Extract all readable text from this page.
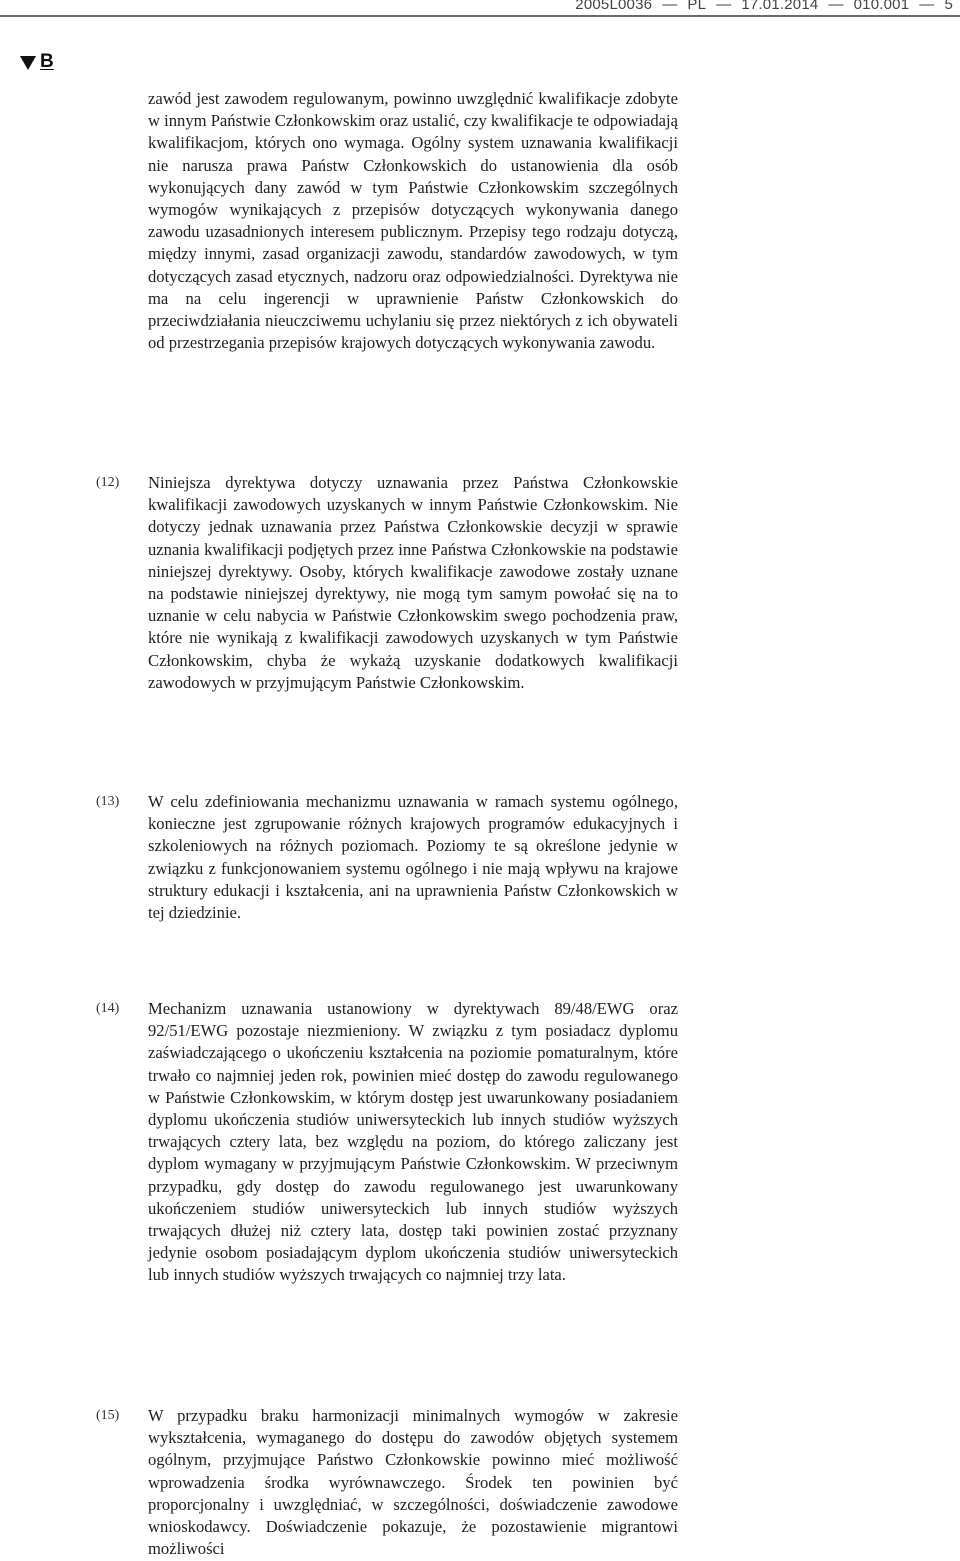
2005L0036 — PL — 17.01.2014 — 010.001 — 5
B
zawód jest zawodem regulowanym, powinno uwzględnić kwalifikacje zdobyte w innym Państwie Członkowskim oraz ustalić, czy kwalifikacje te odpowiadają kwalifikacjom, których ono wymaga. Ogólny system uznawania kwalifikacji nie narusza prawa Państw Członkowskich do ustanowienia dla osób wykonujących dany zawód w tym Państwie Członkowskim szczególnych wymogów wynikających z przepisów dotyczących wykonywania danego zawodu uzasadnionych interesem publicznym. Przepisy tego rodzaju dotyczą, między innymi, zasad organizacji zawodu, standardów zawodowych, w tym dotyczących zasad etycznych, nadzoru oraz odpowiedzialności. Dyrektywa nie ma na celu ingerencji w uprawnienie Państw Członkowskich do przeciwdziałania nieuczciwemu uchylaniu się przez niektórych z ich obywateli od przestrzegania przepisów krajowych dotyczących wykonywania zawodu.
(12) Niniejsza dyrektywa dotyczy uznawania przez Państwa Członkowskie kwalifikacji zawodowych uzyskanych w innym Państwie Członkowskim. Nie dotyczy jednak uznawania przez Państwa Członkowskie decyzji w sprawie uznania kwalifikacji podjętych przez inne Państwa Członkowskie na podstawie niniejszej dyrektywy. Osoby, których kwalifikacje zawodowe zostały uznane na podstawie niniejszej dyrektywy, nie mogą tym samym powołać się na to uznanie w celu nabycia w Państwie Członkowskim swego pochodzenia praw, które nie wynikają z kwalifikacji zawodowych uzyskanych w tym Państwie Członkowskim, chyba że wykażą uzyskanie dodatkowych kwalifikacji zawodowych w przyjmującym Państwie Członkowskim.
(13) W celu zdefiniowania mechanizmu uznawania w ramach systemu ogólnego, konieczne jest zgrupowanie różnych krajowych programów edukacyjnych i szkoleniowych na różnych poziomach. Poziomy te są określone jedynie w związku z funkcjonowaniem systemu ogólnego i nie mają wpływu na krajowe struktury edukacji i kształcenia, ani na uprawnienia Państw Członkowskich w tej dziedzinie.
(14) Mechanizm uznawania ustanowiony w dyrektywach 89/48/EWG oraz 92/51/EWG pozostaje niezmieniony. W związku z tym posiadacz dyplomu zaświadczającego o ukończeniu kształcenia na poziomie pomaturalnym, które trwało co najmniej jeden rok, powinien mieć dostęp do zawodu regulowanego w Państwie Członkowskim, w którym dostęp jest uwarunkowany posiadaniem dyplomu ukończenia studiów uniwersyteckich lub innych studiów wyższych trwających cztery lata, bez względu na poziom, do którego zaliczany jest dyplom wymagany w przyjmującym Państwie Członkowskim. W przeciwnym przypadku, gdy dostęp do zawodu regulowanego jest uwarunkowany ukończeniem studiów uniwersyteckich lub innych studiów wyższych trwających dłużej niż cztery lata, dostęp taki powinien zostać przyznany jedynie osobom posiadającym dyplom ukończenia studiów uniwersyteckich lub innych studiów wyższych trwających co najmniej trzy lata.
(15) W przypadku braku harmonizacji minimalnych wymogów w zakresie wykształcenia, wymaganego do dostępu do zawodów objętych systemem ogólnym, przyjmujące Państwo Członkowskie powinno mieć możliwość wprowadzenia środka wyrównawczego. Środek ten powinien być proporcjonalny i uwzględniać, w szczególności, doświadczenie zawodowe wnioskodawcy. Doświadczenie pokazuje, że pozostawienie migrantowi możliwości
